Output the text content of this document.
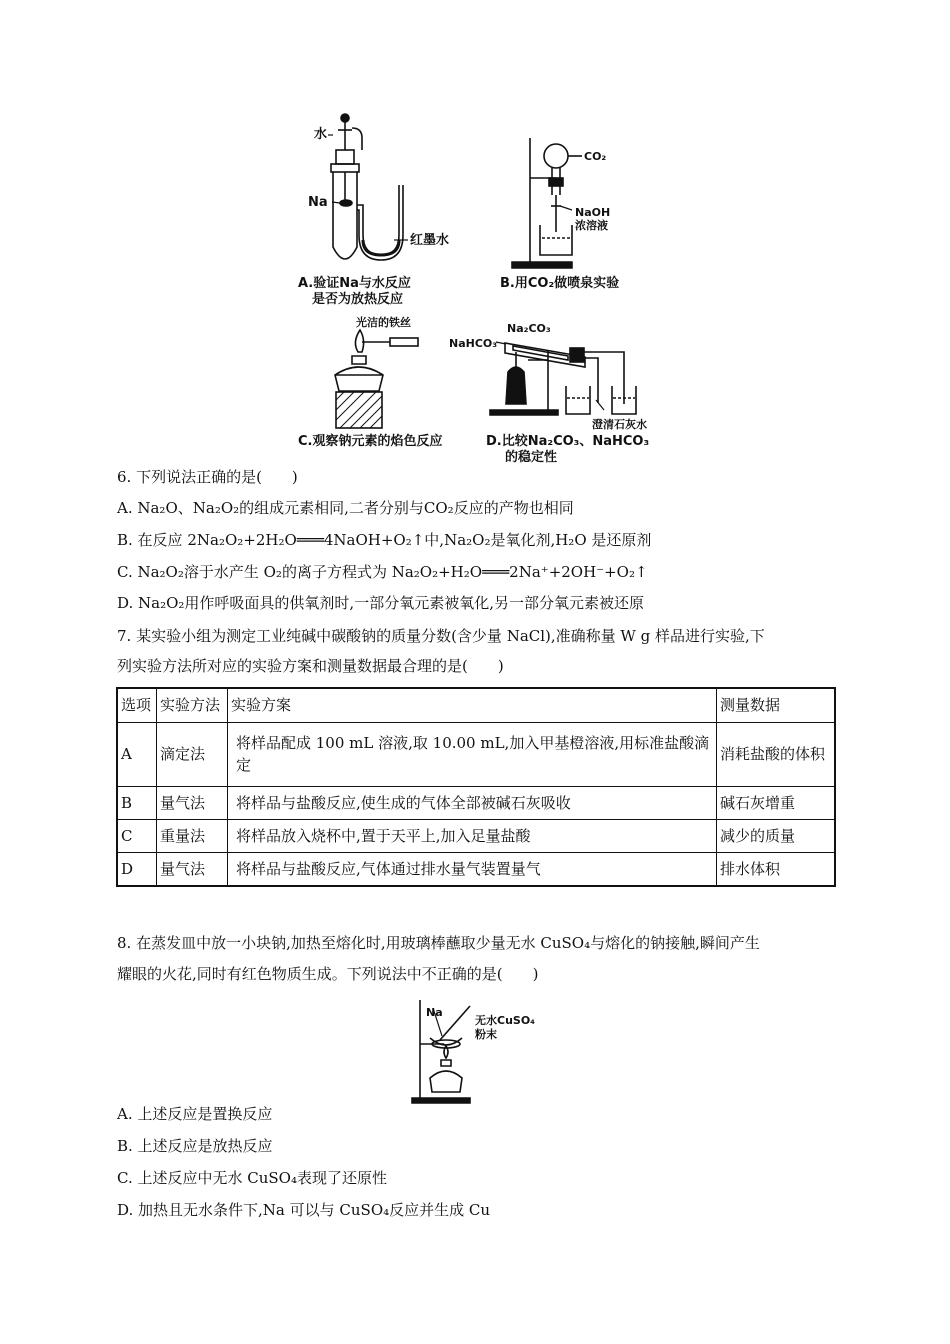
水
Na
红墨水
A.验证Na与水反应
是否为放热反应
CO₂
NaOH
浓溶液
B.用CO₂做喷泉实验
光洁的铁丝
C.观察钠元素的焰色反应
Na₂CO₃
NaHCO₃
澄清石灰水
D.比较Na₂CO₃、NaHCO₃
的稳定性
6. 下列说法正确的是(　　)
A. Na₂O、Na₂O₂的组成元素相同,二者分别与CO₂反应的产物也相同
B. 在反应 2Na₂O₂+2H₂O═══4NaOH+O₂↑中,Na₂O₂是氧化剂,H₂O 是还原剂
C. Na₂O₂溶于水产生 O₂的离子方程式为 Na₂O₂+H₂O═══2Na⁺+2OH⁻+O₂↑
D. Na₂O₂用作呼吸面具的供氧剂时,一部分氧元素被氧化,另一部分氧元素被还原
7. 某实验小组为测定工业纯碱中碳酸钠的质量分数(含少量 NaCl),准确称量 W g 样品进行实验,下
列实验方法所对应的实验方案和测量数据最合理的是(　　)
选项	实验方法	实验方案	测量数据
A	滴定法	将样品配成 100 mL 溶液,取 10.00 mL,加入甲基橙溶液,用标准盐酸滴定	消耗盐酸的体积
B	量气法	将样品与盐酸反应,使生成的气体全部被碱石灰吸收	碱石灰增重
C	重量法	将样品放入烧杯中,置于天平上,加入足量盐酸	减少的质量
D	量气法	将样品与盐酸反应,气体通过排水量气装置量气	排水体积
8. 在蒸发皿中放一小块钠,加热至熔化时,用玻璃棒蘸取少量无水 CuSO₄与熔化的钠接触,瞬间产生
耀眼的火花,同时有红色物质生成。下列说法中不正确的是(　　)
Na
无水CuSO₄
粉末
A. 上述反应是置换反应
B. 上述反应是放热反应
C. 上述反应中无水 CuSO₄表现了还原性
D. 加热且无水条件下,Na 可以与 CuSO₄反应并生成 Cu
